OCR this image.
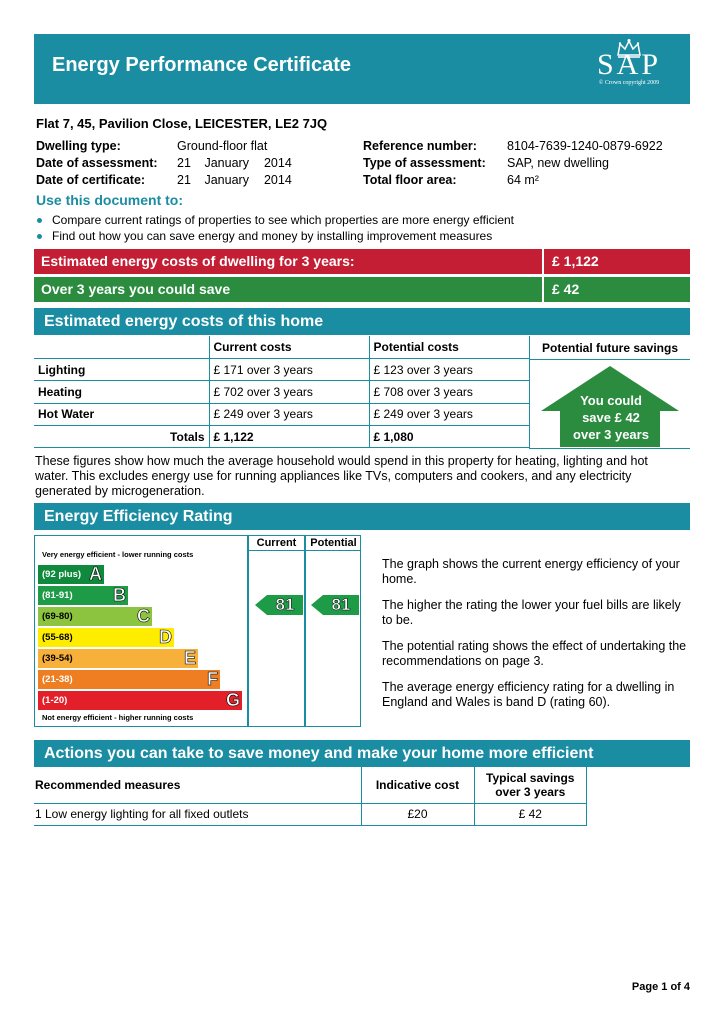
Energy Performance Certificate	SAP
© Crown copyright 2009
Flat 7, 45, Pavilion Close, LEICESTER, LE2 7JQ
Dwelling type:	Ground-floor flat
Date of assessment:	21 January 2014
Date of certificate:	21 January 2014
Reference number:	8104-7639-1240-0879-6922
Type of assessment:	SAP, new dwelling
Total floor area:	64 m²
Use this document to:
Compare current ratings of properties to see which properties are more energy efficient
Find out how you can save energy and money by installing improvement measures
Estimated energy costs of dwelling for 3 years:	£ 1,122
Over 3 years you could save	£ 42
Estimated energy costs of this home
	Current costs	Potential costs
Lighting	£ 171 over 3 years	£ 123 over 3 years
Heating	£ 702 over 3 years	£ 708 over 3 years
Hot Water	£ 249 over 3 years	£ 249 over 3 years
Totals	£ 1,122	£ 1,080
Potential future savings
You could
save £ 42
over 3 years
These figures show how much the average household would spend in this property for heating, lighting and hot water. This excludes energy use for running appliances like TVs, computers and cookers, and any electricity generated by microgeneration.
Energy Efficiency Rating
Very energy efficient - lower running costs
(92 plus) A
(81-91) B
(69-80)	C
(55-68)	D
(39-54)	E
(21-38)	F
(1-20)	G
Not energy efficient - higher running costs
Current	Potential
81	81

The graph shows the current energy efficiency of your home.

The higher the rating the lower your fuel bills are likely to be.

The potential rating shows the effect of undertaking the recommendations on page 3.

The average energy efficiency rating for a dwelling in England and Wales is band D (rating 60).

Actions you can take to save money and make your home more efficient
Recommended measures	Indicative cost	Typical savings over 3 years
1 Low energy lighting for all fixed outlets	£20	£ 42
Page 1 of 4
